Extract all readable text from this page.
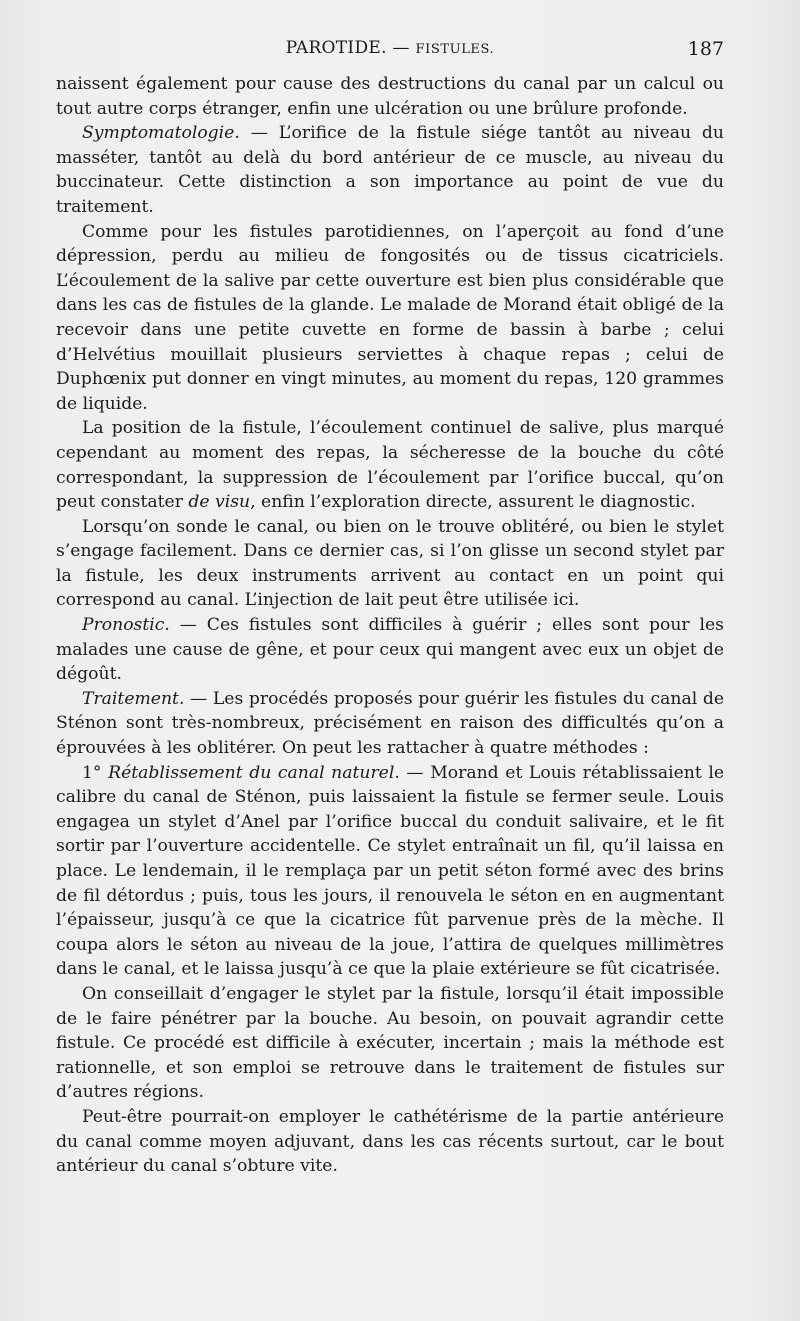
PAROTIDE. — FISTULES.	187

naissent également pour cause des destructions du canal par un calcul ou tout autre corps étranger, enfin une ulcération ou une brûlure profonde.

Symptomatologie. — L’orifice de la fistule siége tantôt au niveau du masséter, tantôt au delà du bord antérieur de ce muscle, au niveau du buccinateur. Cette distinction a son importance au point de vue du traitement.

Comme pour les fistules parotidiennes, on l’aperçoit au fond d’une dépression, perdu au milieu de fongosités ou de tissus cicatriciels. L’écoulement de la salive par cette ouverture est bien plus considérable que dans les cas de fistules de la glande. Le malade de Morand était obligé de la recevoir dans une petite cuvette en forme de bassin à barbe ; celui d’Helvétius mouillait plusieurs serviettes à chaque repas ; celui de Duphœnix put donner en vingt minutes, au moment du repas, 120 grammes de liquide.

La position de la fistule, l’écoulement continuel de salive, plus marqué cependant au moment des repas, la sécheresse de la bouche du côté correspondant, la suppression de l’écoulement par l’orifice buccal, qu’on peut constater de visu, enfin l’exploration directe, assurent le diagnostic.

Lorsqu’on sonde le canal, ou bien on le trouve oblitéré, ou bien le stylet s’engage facilement. Dans ce dernier cas, si l’on glisse un second stylet par la fistule, les deux instruments arrivent au contact en un point qui correspond au canal. L’injection de lait peut être utilisée ici.

Pronostic. — Ces fistules sont difficiles à guérir ; elles sont pour les malades une cause de gêne, et pour ceux qui mangent avec eux un objet de dégoût.

Traitement. — Les procédés proposés pour guérir les fistules du canal de Sténon sont très-nombreux, précisément en raison des difficultés qu’on a éprouvées à les oblitérer. On peut les rattacher à quatre méthodes :

1° Rétablissement du canal naturel. — Morand et Louis rétablissaient le calibre du canal de Sténon, puis laissaient la fistule se fermer seule. Louis engagea un stylet d’Anel par l’orifice buccal du conduit salivaire, et le fit sortir par l’ouverture accidentelle. Ce stylet entraînait un fil, qu’il laissa en place. Le lendemain, il le remplaça par un petit séton formé avec des brins de fil détordus ; puis, tous les jours, il renouvela le séton en en augmentant l’épaisseur, jusqu’à ce que la cicatrice fût parvenue près de la mèche. Il coupa alors le séton au niveau de la joue, l’attira de quelques millimètres dans le canal, et le laissa jusqu’à ce que la plaie extérieure se fût cicatrisée.

On conseillait d’engager le stylet par la fistule, lorsqu’il était impossible de le faire pénétrer par la bouche. Au besoin, on pouvait agrandir cette fistule. Ce procédé est difficile à exécuter, incertain ; mais la méthode est rationnelle, et son emploi se retrouve dans le traitement de fistules sur d’autres régions.

Peut-être pourrait-on employer le cathétérisme de la partie antérieure du canal comme moyen adjuvant, dans les cas récents surtout, car le bout antérieur du canal s’obture vite.
